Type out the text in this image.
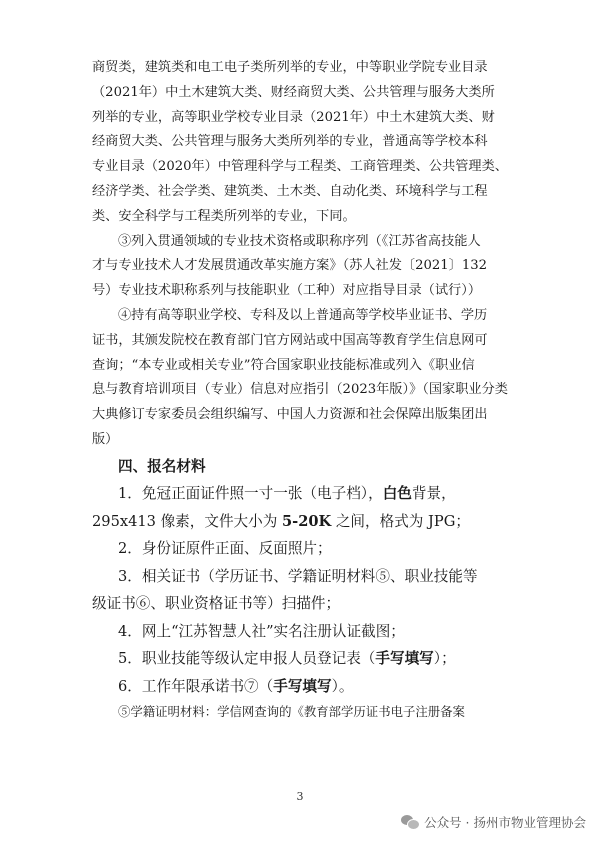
商贸类，建筑类和电工电子类所列举的专业，中等职业学院专业目录
（2021年）中土木建筑大类、财经商贸大类、公共管理与服务大类所
列举的专业，高等职业学校专业目录（2021年）中土木建筑大类、财
经商贸大类、公共管理与服务大类所列举的专业，普通高等学校本科
专业目录（2020年）中管理科学与工程类、工商管理类、公共管理类、
经济学类、社会学类、建筑类、土木类、自动化类、环境科学与工程
类、安全科学与工程类所列举的专业，下同。
③列入贯通领域的专业技术资格或职称序列（《江苏省高技能人
才与专业技术人才发展贯通改革实施方案》（苏人社发〔2021〕132
号）专业技术职称系列与技能职业（工种）对应指导目录（试行））
④持有高等职业学校、专科及以上普通高等学校毕业证书、学历
证书，其颁发院校在教育部门官方网站或中国高等教育学生信息网可
查询；“本专业或相关专业”符合国家职业技能标准或列入《职业信
息与教育培训项目（专业）信息对应指引（2023年版）》（国家职业分类
大典修订专家委员会组织编写、中国人力资源和社会保障出版集团出
版）
四、报名材料
1．免冠正面证件照一寸一张（电子档），白色背景，
295x413 像素，文件大小为 5-20K 之间，格式为 JPG；
2．身份证原件正面、反面照片；
3．相关证书（学历证书、学籍证明材料⑤、职业技能等
级证书⑥、职业资格证书等）扫描件；
4．网上“江苏智慧人社”实名注册认证截图；
5．职业技能等级认定申报人员登记表（手写填写）；
6．工作年限承诺书⑦（手写填写）。
⑤学籍证明材料：学信网查询的《教育部学历证书电子注册备案
3
公众号 · 扬州市物业管理协会
